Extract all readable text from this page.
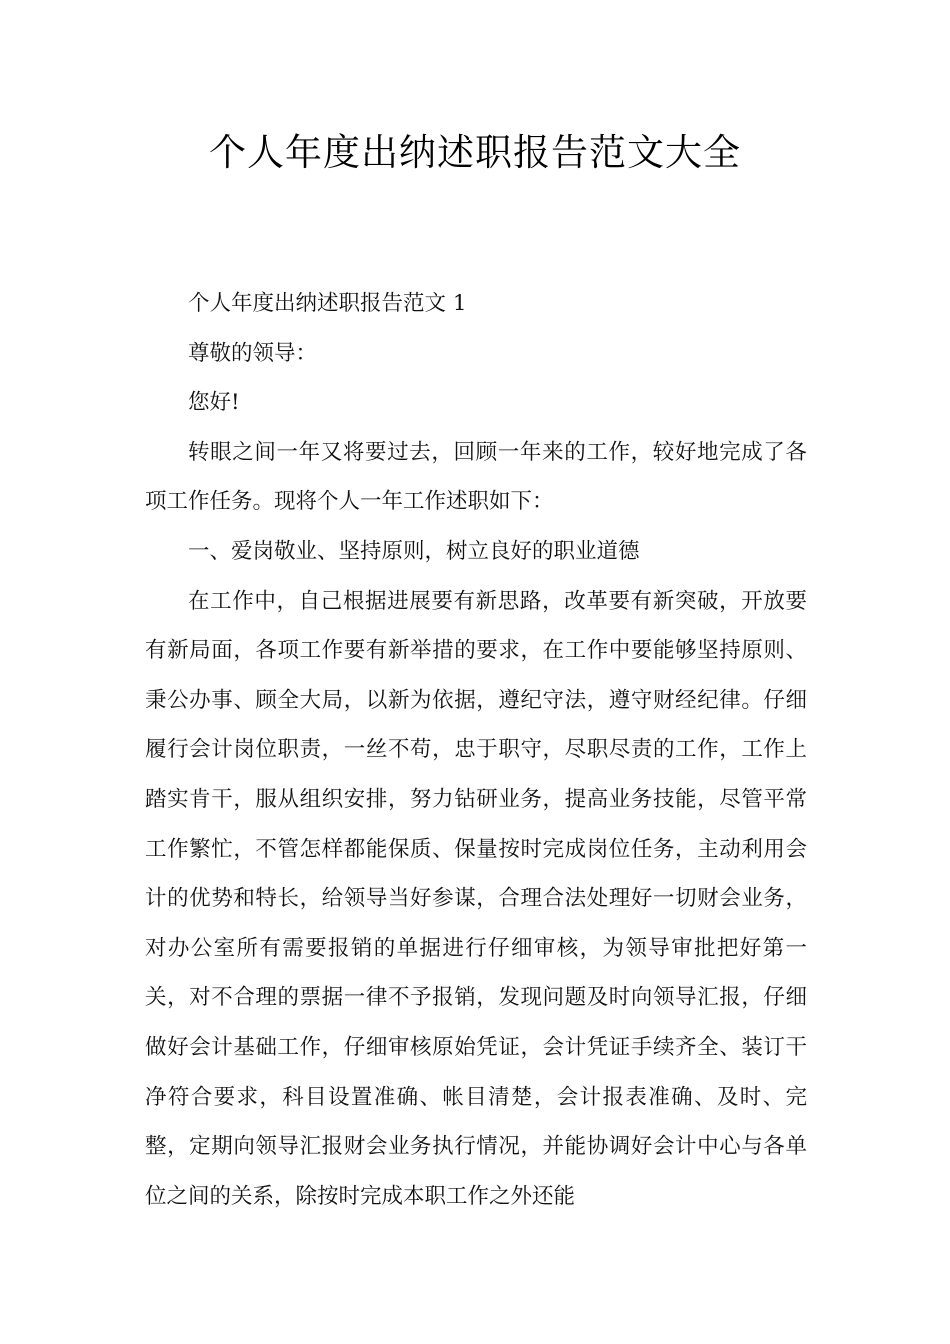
个人年度出纳述职报告范文大全

个人年度出纳述职报告范文 1

尊敬的领导：

您好!

转眼之间一年又将要过去，回顾一年来的工作，较好地完成了各项工作任务。现将个人一年工作述职如下：

一、爱岗敬业、坚持原则，树立良好的职业道德

在工作中，自己根据进展要有新思路，改革要有新突破，开放要有新局面，各项工作要有新举措的要求，在工作中要能够坚持原则、秉公办事、顾全大局，以新为依据，遵纪守法，遵守财经纪律。仔细履行会计岗位职责，一丝不苟，忠于职守，尽职尽责的工作，工作上踏实肯干，服从组织安排，努力钻研业务，提高业务技能，尽管平常工作繁忙，不管怎样都能保质、保量按时完成岗位任务，主动利用会计的优势和特长，给领导当好参谋，合理合法处理好一切财会业务，对办公室所有需要报销的单据进行仔细审核，为领导审批把好第一关，对不合理的票据一律不予报销，发现问题及时向领导汇报，仔细做好会计基础工作，仔细审核原始凭证，会计凭证手续齐全、装订干净符合要求，科目设置准确、帐目清楚，会计报表准确、及时、完整，定期向领导汇报财会业务执行情况，并能协调好会计中心与各单位之间的关系，除按时完成本职工作之外还能
